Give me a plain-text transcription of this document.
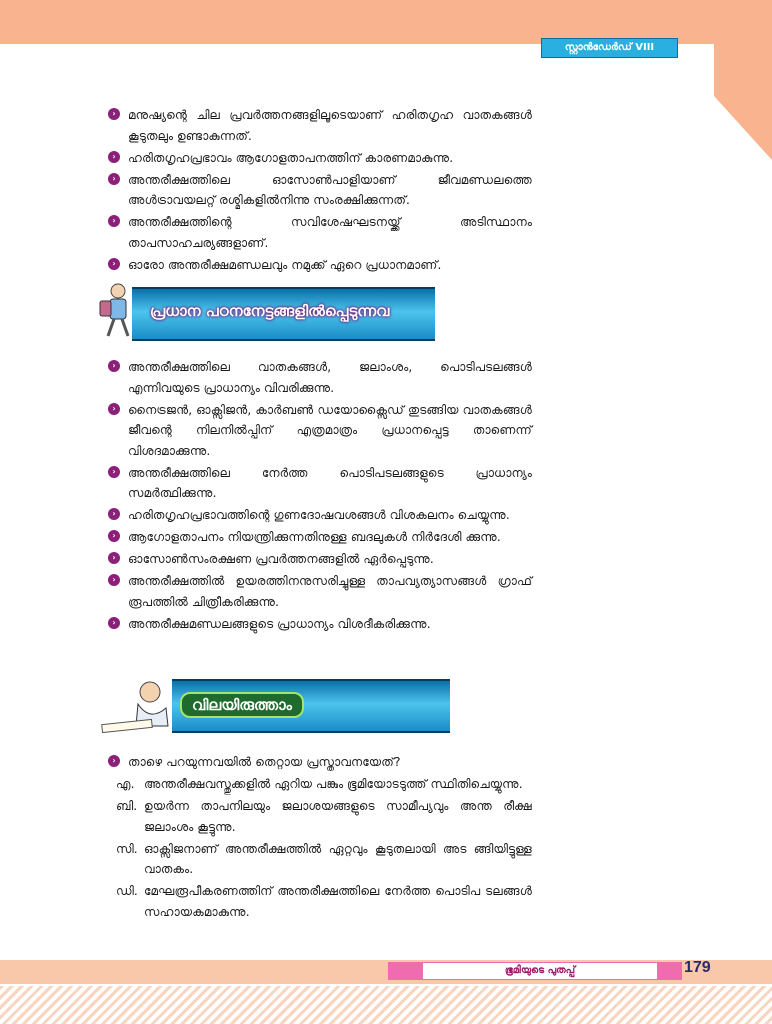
സ്റ്റാൻഡേർഡ് VIII
›	മനുഷ്യന്റെ ചില പ്രവർത്തനങ്ങളിലൂടെയാണ് ഹരിതഗൃഹ വാതകങ്ങൾ കൂടുതലും ഉണ്ടാകുന്നത്.
›	ഹരിതഗൃഹപ്രഭാവം ആഗോളതാപനത്തിന് കാരണമാകുന്നു.
›	അന്തരീക്ഷത്തിലെ ഓസോൺപാളിയാണ് ജീവമണ്ഡലത്തെ അൾട്രാവയലറ്റ് രശ്മികളിൽനിന്നു സംരക്ഷിക്കുന്നത്.
›	അന്തരീക്ഷത്തിന്റെ സവിശേഷഘടനയ്ക്ക് അടിസ്ഥാനം താപസാഹചര്യങ്ങളാണ്.
›	ഓരോ അന്തരീക്ഷമണ്ഡലവും നമുക്ക് ഏറെ പ്രധാനമാണ്.
പ്രധാന പഠനനേട്ടങ്ങളിൽപ്പെടുന്നവ
›	അന്തരീക്ഷത്തിലെ വാതകങ്ങൾ, ജലാംശം, പൊടിപടലങ്ങൾ എന്നിവയുടെ പ്രാധാന്യം വിവരിക്കുന്നു.
›	നൈട്രജൻ, ഓക്സിജൻ, കാർബൺ ഡയോക്സൈഡ് തുടങ്ങിയ വാതകങ്ങൾ ജീവന്റെ നിലനിൽപ്പിന് എത്രമാത്രം പ്രധാനപ്പെട്ട താണെന്ന് വിശദമാക്കുന്നു.
›	അന്തരീക്ഷത്തിലെ നേർത്ത പൊടിപടലങ്ങളുടെ പ്രാധാന്യം സമർത്ഥിക്കുന്നു.
›	ഹരിതഗൃഹപ്രഭാവത്തിന്റെ ഗുണദോഷവശങ്ങൾ വിശകലനം ചെയ്യുന്നു.
›	ആഗോളതാപനം നിയന്ത്രിക്കുന്നതിനുള്ള ബദലുകൾ നിർദേശി ക്കുന്നു.
›	ഓസോൺസംരക്ഷണ പ്രവർത്തനങ്ങളിൽ ഏർപ്പെടുന്നു.
›	അന്തരീക്ഷത്തിൽ ഉയരത്തിനനുസരിച്ചുള്ള താപവ്യത്യാസങ്ങൾ ഗ്രാഫ് രൂപത്തിൽ ചിത്രീകരിക്കുന്നു.
›	അന്തരീക്ഷമണ്ഡലങ്ങളുടെ പ്രാധാന്യം വിശദീകരിക്കുന്നു.
വിലയിരുത്താം
›	താഴെ പറയുന്നവയിൽ തെറ്റായ പ്രസ്താവനയേത്?
എ. അന്തരീക്ഷവസ്തുക്കളിൽ ഏറിയ പങ്കും ഭൂമിയോടടുത്ത് സ്ഥിതിചെയ്യുന്നു.
ബി. ഉയർന്ന താപനിലയും ജലാശയങ്ങളുടെ സാമീപ്യവും അന്ത രീക്ഷ ജലാംശം കൂട്ടുന്നു.
സി. ഓക്സിജനാണ് അന്തരീക്ഷത്തിൽ ഏറ്റവും കൂടുതലായി അട ങ്ങിയിട്ടുള്ള വാതകം.
ഡി. മേഘരൂപീകരണത്തിന് അന്തരീക്ഷത്തിലെ നേർത്ത പൊടിപ ടലങ്ങൾ സഹായകമാകുന്നു.
ഭൂമിയുടെ പുതപ്പ്	179
